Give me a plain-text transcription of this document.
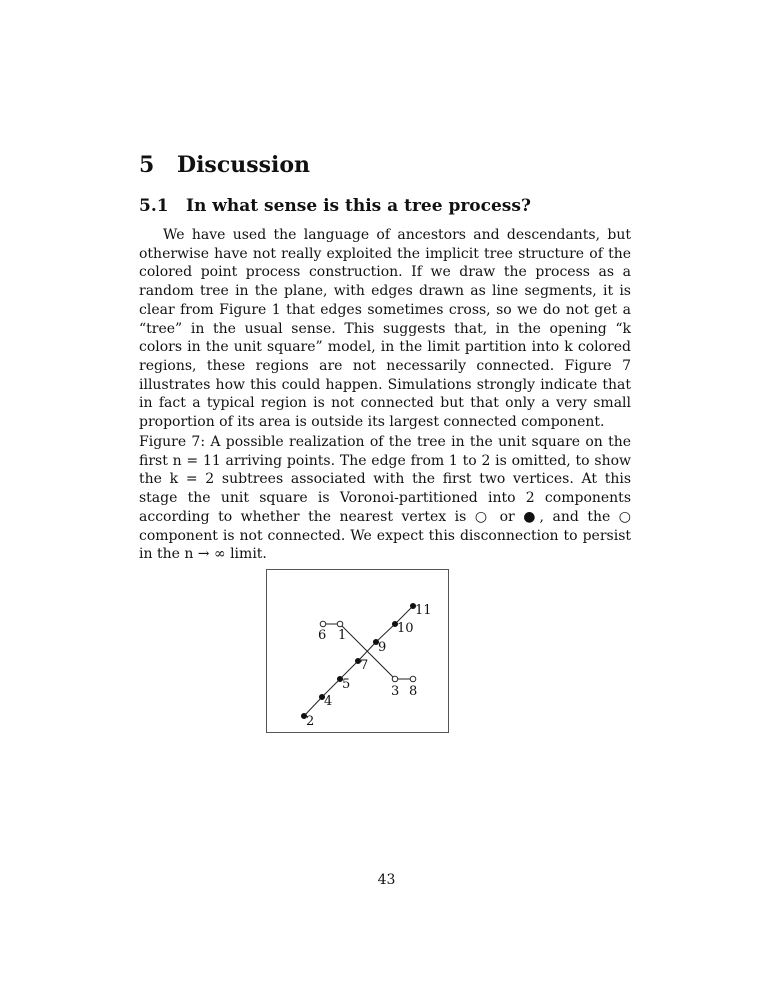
5 Discussion
5.1 In what sense is this a tree process?

We have used the language of ancestors and descendants, but otherwise have not really exploited the implicit tree structure of the colored point process construction. If we draw the process as a random tree in the plane, with edges drawn as line segments, it is clear from Figure 1 that edges sometimes cross, so we do not get a “tree” in the usual sense. This suggests that, in the opening “k colors in the unit square” model, in the limit partition into k colored regions, these regions are not necessarily connected. Figure 7 illustrates how this could happen. Simulations strongly indicate that in fact a typical region is not connected but that only a very small proportion of its area is outside its largest connected component.

Figure 7: A possible realization of the tree in the unit square on the first n = 11 arriving points. The edge from 1 to 2 is omitted, to show the k = 2 subtrees associated with the first two vertices. At this stage the unit square is Voronoi-partitioned into 2 components according to whether the nearest vertex is ○ or ●, and the ○ component is not connected. We expect this disconnection to persist in the n → ∞ limit.

1
2
3
4
5
6
7
8
9
10
11
43
